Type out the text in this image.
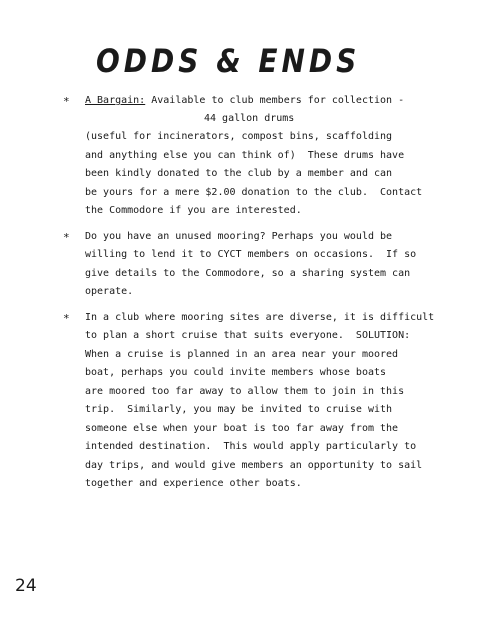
ODDS & ENDS
* A Bargain: Available to club members for collection -
44 gallon drums
(useful for incinerators, compost bins, scaffolding
and anything else you can think of)  These drums have
been kindly donated to the club by a member and can
be yours for a mere $2.00 donation to the club.  Contact
the Commodore if you are interested.
* Do you have an unused mooring? Perhaps you would be
willing to lend it to CYCT members on occasions.  If so
give details to the Commodore, so a sharing system can
operate.
* In a club where mooring sites are diverse, it is difficult
to plan a short cruise that suits everyone.  SOLUTION:
When a cruise is planned in an area near your moored
boat, perhaps you could invite members whose boats
are moored too far away to allow them to join in this
trip.  Similarly, you may be invited to cruise with
someone else when your boat is too far away from the
intended destination.  This would apply particularly to
day trips, and would give members an opportunity to sail
together and experience other boats.
24
